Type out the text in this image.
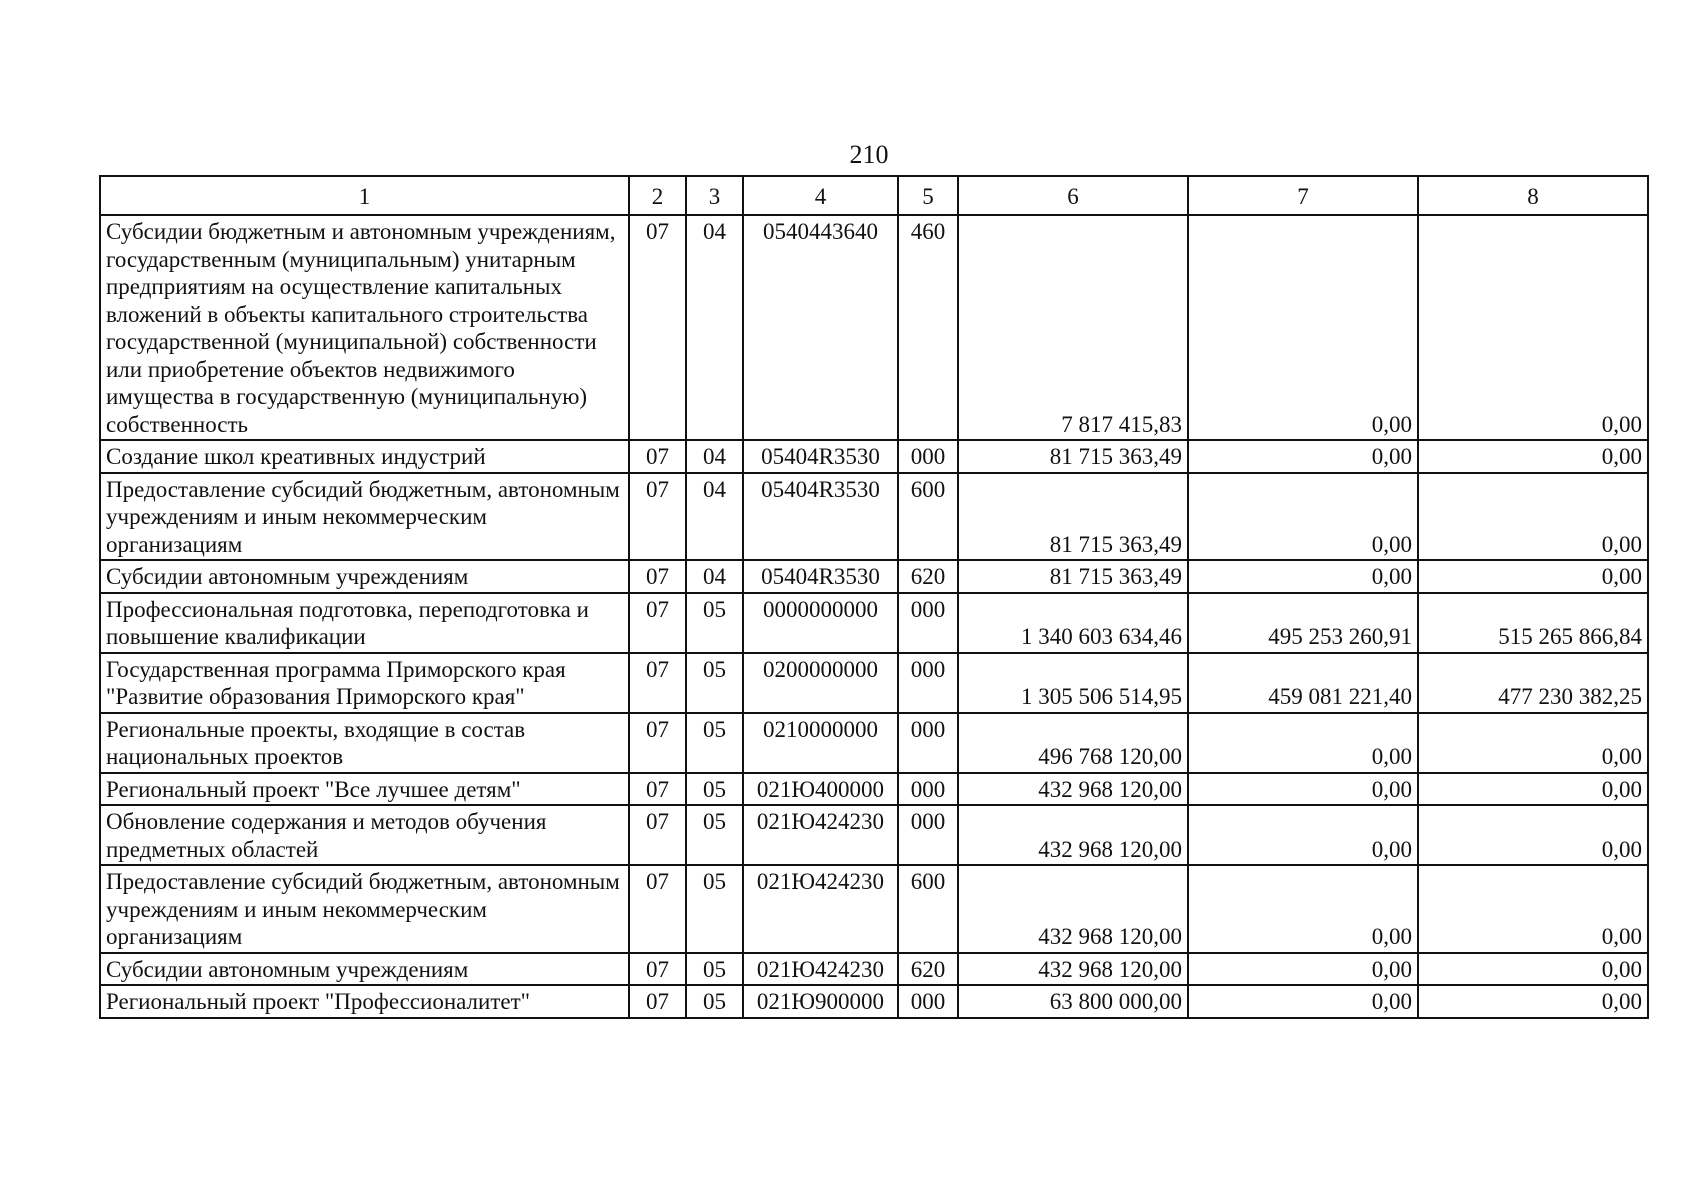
210
1	2	3	4	5	6	7	8
Субсидии бюджетным и автономным учреждениям, государственным (муниципальным) унитарным предприятиям на осуществление капитальных вложений в объекты капитального строительства государственной (муниципальной) собственности или приобретение объектов недвижимого имущества в государственную (муниципальную) собственность	07	04	0540443640	460	7 817 415,83	0,00	0,00
Создание школ креативных индустрий	07	04	05404R3530	000	81 715 363,49	0,00	0,00
Предоставление субсидий бюджетным, автономным учреждениям и иным некоммерческим организациям	07	04	05404R3530	600	81 715 363,49	0,00	0,00
Субсидии автономным учреждениям	07	04	05404R3530	620	81 715 363,49	0,00	0,00
Профессиональная подготовка, переподготовка и повышение квалификации	07	05	0000000000	000	1 340 603 634,46	495 253 260,91	515 265 866,84
Государственная программа Приморского края "Развитие образования Приморского края"	07	05	0200000000	000	1 305 506 514,95	459 081 221,40	477 230 382,25
Региональные проекты, входящие в состав национальных проектов	07	05	0210000000	000	496 768 120,00	0,00	0,00
Региональный проект "Все лучшее детям"	07	05	021Ю400000	000	432 968 120,00	0,00	0,00
Обновление содержания и методов обучения предметных областей	07	05	021Ю424230	000	432 968 120,00	0,00	0,00
Предоставление субсидий бюджетным, автономным учреждениям и иным некоммерческим организациям	07	05	021Ю424230	600	432 968 120,00	0,00	0,00
Субсидии автономным учреждениям	07	05	021Ю424230	620	432 968 120,00	0,00	0,00
Региональный проект "Профессионалитет"	07	05	021Ю900000	000	63 800 000,00	0,00	0,00
